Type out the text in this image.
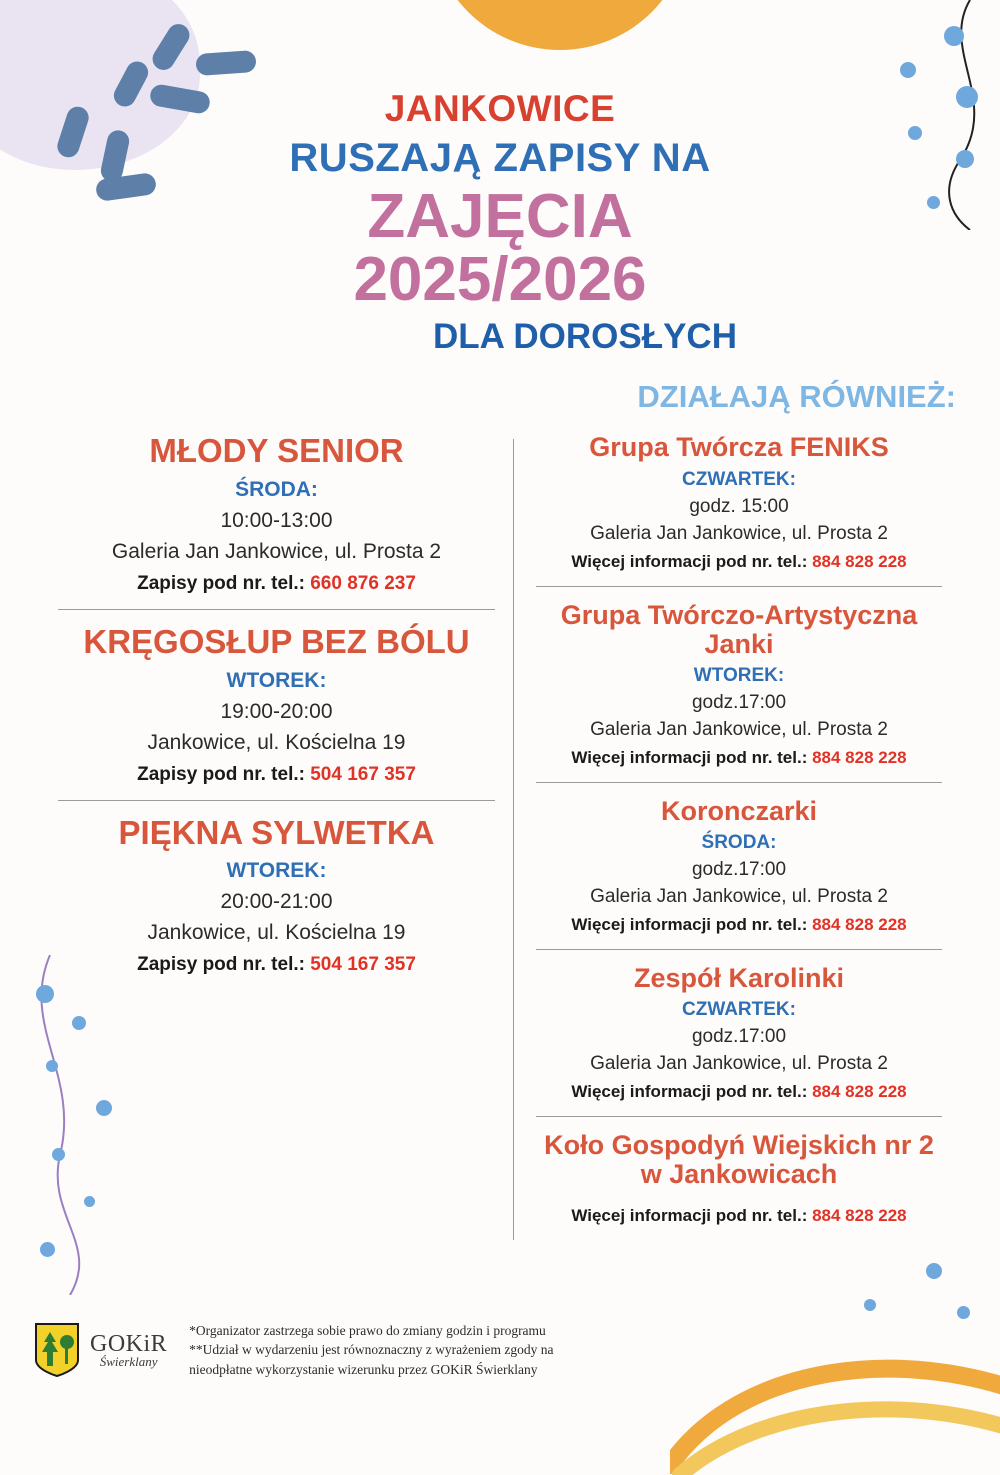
JANKOWICE
RUSZAJĄ ZAPISY NA
ZAJĘCIA
2025/2026
DLA DOROSŁYCH
DZIAŁAJĄ RÓWNIEŻ:
MŁODY SENIOR
ŚRODA:
10:00-13:00
Galeria Jan Jankowice, ul. Prosta 2
Zapisy pod nr. tel.: 660 876 237
KRĘGOSŁUP BEZ BÓLU
WTOREK:
19:00-20:00
Jankowice, ul. Kościelna 19
Zapisy pod nr. tel.: 504 167 357
PIĘKNA SYLWETKA
WTOREK:
20:00-21:00
Jankowice, ul. Kościelna 19
Zapisy pod nr. tel.: 504 167 357
Grupa Twórcza FENIKS
CZWARTEK:
godz. 15:00
Galeria Jan Jankowice, ul. Prosta 2
Więcej informacji pod nr. tel.: 884 828 228
Grupa Twórczo-Artystyczna Janki
WTOREK:
godz.17:00
Galeria Jan Jankowice, ul. Prosta 2
Więcej informacji pod nr. tel.: 884 828 228
Koronczarki
ŚRODA:
godz.17:00
Galeria Jan Jankowice, ul. Prosta 2
Więcej informacji pod nr. tel.: 884 828 228
Zespół Karolinki
CZWARTEK:
godz.17:00
Galeria Jan Jankowice, ul. Prosta 2
Więcej informacji pod nr. tel.: 884 828 228
Koło Gospodyń Wiejskich nr 2 w Jankowicach
Więcej informacji pod nr. tel.: 884 828 228
GOKiR
Świerklany
*Organizator zastrzega sobie prawo do zmiany godzin i programu
**Udział w wydarzeniu jest równoznaczny z wyrażeniem zgody na
nieodpłatne wykorzystanie wizerunku przez GOKiR Świerklany
